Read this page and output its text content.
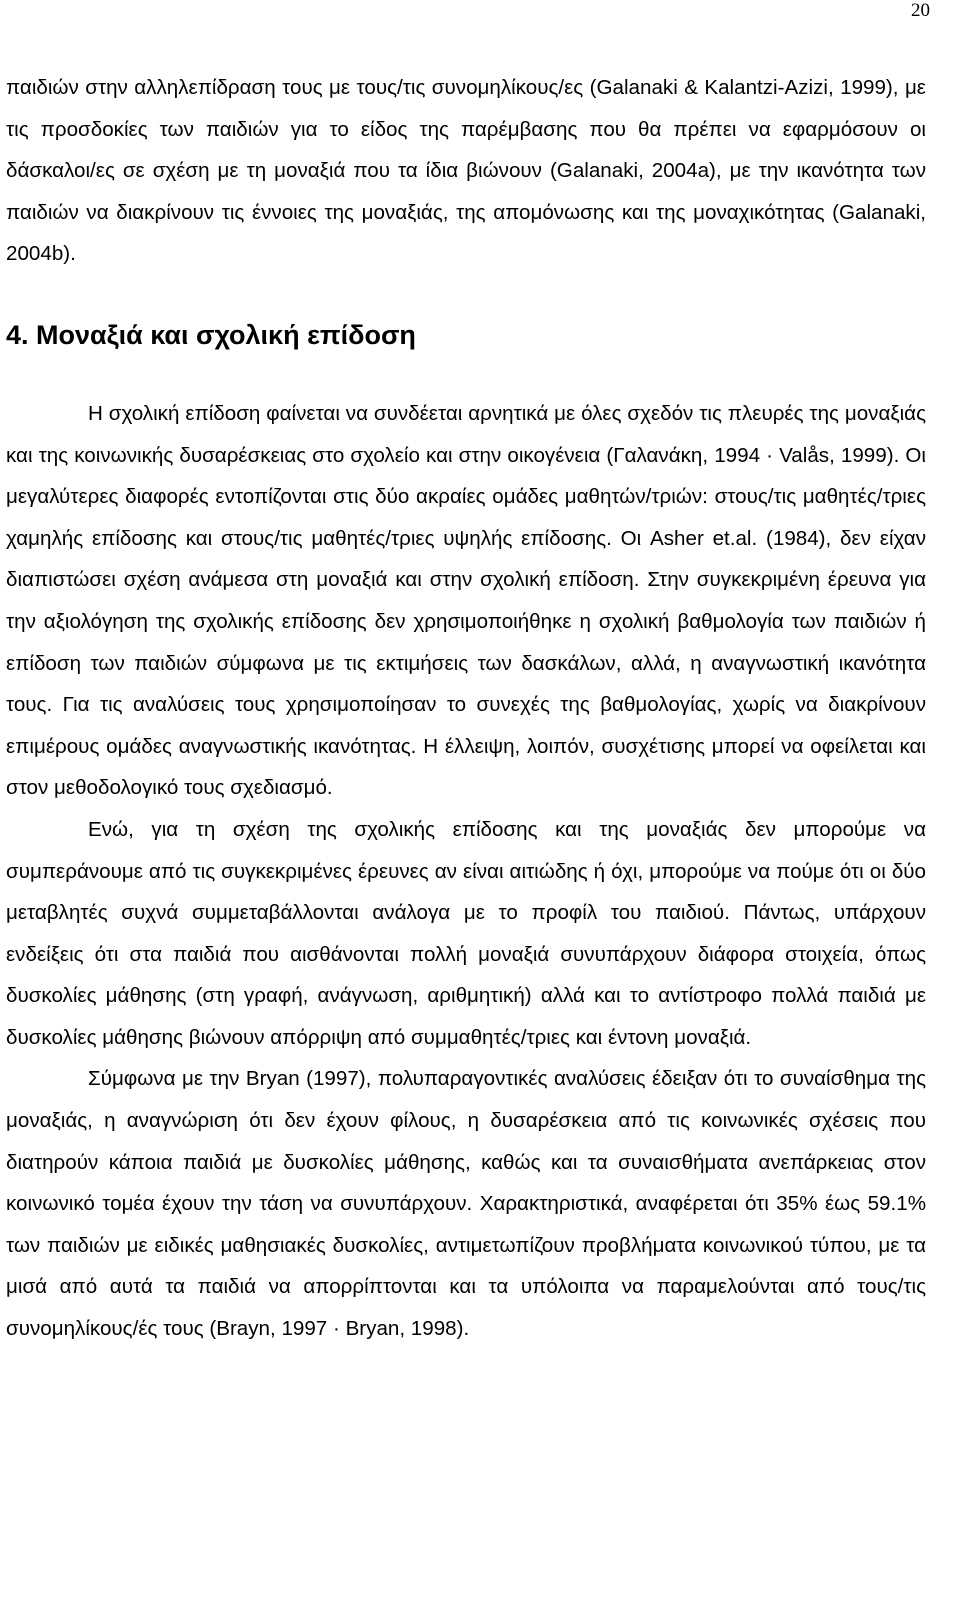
20

παιδιών στην αλληλεπίδραση τους με τους/τις συνομηλίκους/ες (Galanaki & Kalantzi-Azizi, 1999), με τις προσδοκίες των παιδιών για το είδος της παρέμβασης που θα πρέπει να εφαρμόσουν οι δάσκαλοι/ες σε σχέση με τη μοναξιά που τα ίδια βιώνουν (Galanaki, 2004a), με την ικανότητα των παιδιών να διακρίνουν τις έννοιες της μοναξιάς, της απομόνωσης και της μοναχικότητας (Galanaki, 2004b).

4. Μοναξιά και σχολική επίδοση

Η σχολική επίδοση φαίνεται να συνδέεται αρνητικά με όλες σχεδόν τις πλευρές της μοναξιάς και της κοινωνικής δυσαρέσκειας στο σχολείο και στην οικογένεια (Γαλανάκη, 1994 · Valås, 1999). Οι μεγαλύτερες διαφορές εντοπίζονται στις δύο ακραίες ομάδες μαθητών/τριών: στους/τις μαθητές/τριες χαμηλής επίδοσης και στους/τις μαθητές/τριες υψηλής επίδοσης. Οι Asher et.al. (1984), δεν είχαν διαπιστώσει σχέση ανάμεσα στη μοναξιά και στην σχολική επίδοση. Στην συγκεκριμένη έρευνα για την αξιολόγηση της σχολικής επίδοσης δεν χρησιμοποιήθηκε η σχολική βαθμολογία των παιδιών ή επίδοση των παιδιών σύμφωνα με τις εκτιμήσεις των δασκάλων, αλλά, η αναγνωστική ικανότητα τους. Για τις αναλύσεις τους χρησιμοποίησαν το συνεχές της βαθμολογίας, χωρίς να διακρίνουν επιμέρους ομάδες αναγνωστικής ικανότητας. Η έλλειψη, λοιπόν, συσχέτισης μπορεί να οφείλεται και στον μεθοδολογικό τους σχεδιασμό.

Ενώ, για τη σχέση της σχολικής επίδοσης και της μοναξιάς δεν μπορούμε να συμπεράνουμε από τις συγκεκριμένες έρευνες αν είναι αιτιώδης ή όχι, μπορούμε να πούμε ότι οι δύο μεταβλητές συχνά συμμεταβάλλονται ανάλογα με το προφίλ του παιδιού. Πάντως, υπάρχουν ενδείξεις ότι στα παιδιά που αισθάνονται πολλή μοναξιά συνυπάρχουν διάφορα στοιχεία, όπως δυσκολίες μάθησης (στη γραφή, ανάγνωση, αριθμητική) αλλά και το αντίστροφο πολλά παιδιά με δυσκολίες μάθησης βιώνουν απόρριψη από συμμαθητές/τριες και έντονη μοναξιά.

Σύμφωνα με την Bryan (1997), πολυπαραγοντικές αναλύσεις έδειξαν ότι το συναίσθημα της μοναξιάς, η αναγνώριση ότι δεν έχουν φίλους, η δυσαρέσκεια από τις κοινωνικές σχέσεις που διατηρούν κάποια παιδιά με δυσκολίες μάθησης, καθώς και τα συναισθήματα ανεπάρκειας στον κοινωνικό τομέα έχουν την τάση να συνυπάρχουν. Χαρακτηριστικά, αναφέρεται ότι 35% έως 59.1% των παιδιών με ειδικές μαθησιακές δυσκολίες, αντιμετωπίζουν προβλήματα κοινωνικού τύπου, με τα μισά από αυτά τα παιδιά να απορρίπτονται και τα υπόλοιπα να παραμελούνται από τους/τις συνομηλίκους/ές τους (Brayn, 1997 · Bryan, 1998).
